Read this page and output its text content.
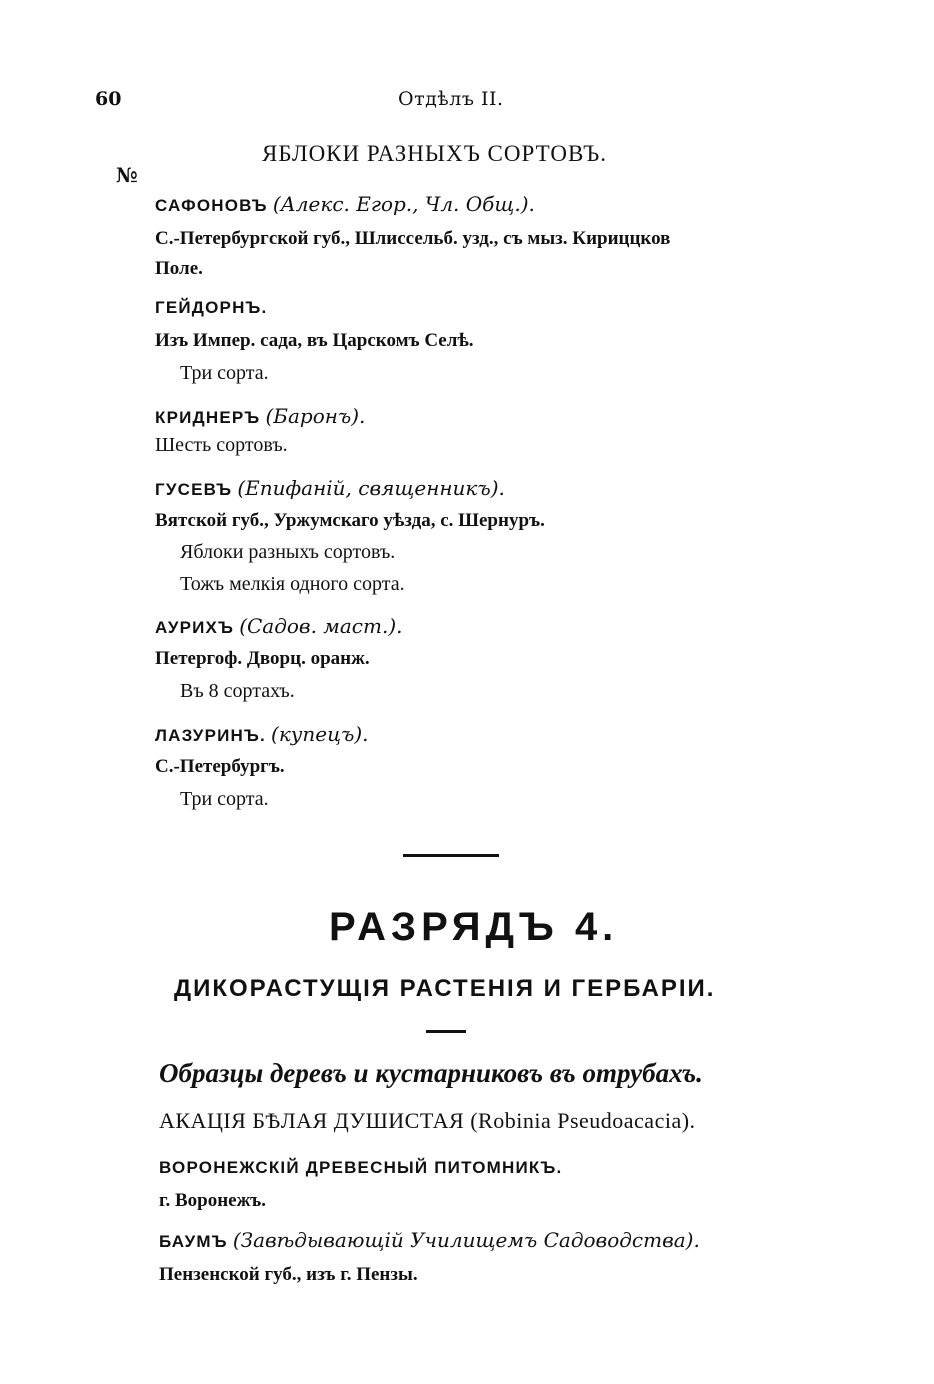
60	Отдѣлъ II.
ЯБЛОКИ РАЗНЫХЪ СОРТОВЪ.
№
САФОНОВЪ (Алекс. Егор., Чл. Общ.).
С.-Петербургской губ., Шлиссельб. узд., съ мыз. Кириццков
Поле.
ГЕЙДОРНЪ.
Изъ Импер. сада, въ Царскомъ Селѣ.
Три сорта.
КРИДНЕРЪ (Баронъ).
Шесть сортовъ.
ГУСЕВЪ (Епифаній, священникъ).
Вятской губ., Уржумскаго уѣзда, с. Шернуръ.
Яблоки разныхъ сортовъ.
Тожъ мелкія одного сорта.
АУРИХЪ (Садов. маст.).
Петергоф. Дворц. оранж.
Въ 8 сортахъ.
ЛАЗУРИНЪ. (купецъ).
С.-Петербургъ.
Три сорта.
РАЗРЯДЪ 4.
ДИКОРАСТУЩІЯ РАСТЕНІЯ И ГЕРБАРІИ.
Образцы деревъ и кустарниковъ въ отрубахъ.
АКАЦІЯ БѢЛАЯ ДУШИСТАЯ (Robinia Pseudoacacia).
ВОРОНЕЖСКІЙ ДРЕВЕСНЫЙ ПИТОМНИКЪ.
г. Воронежъ.
БАУМЪ (Завѣдывающій Училищемъ Садоводства).
Пензенской губ., изъ г. Пензы.
